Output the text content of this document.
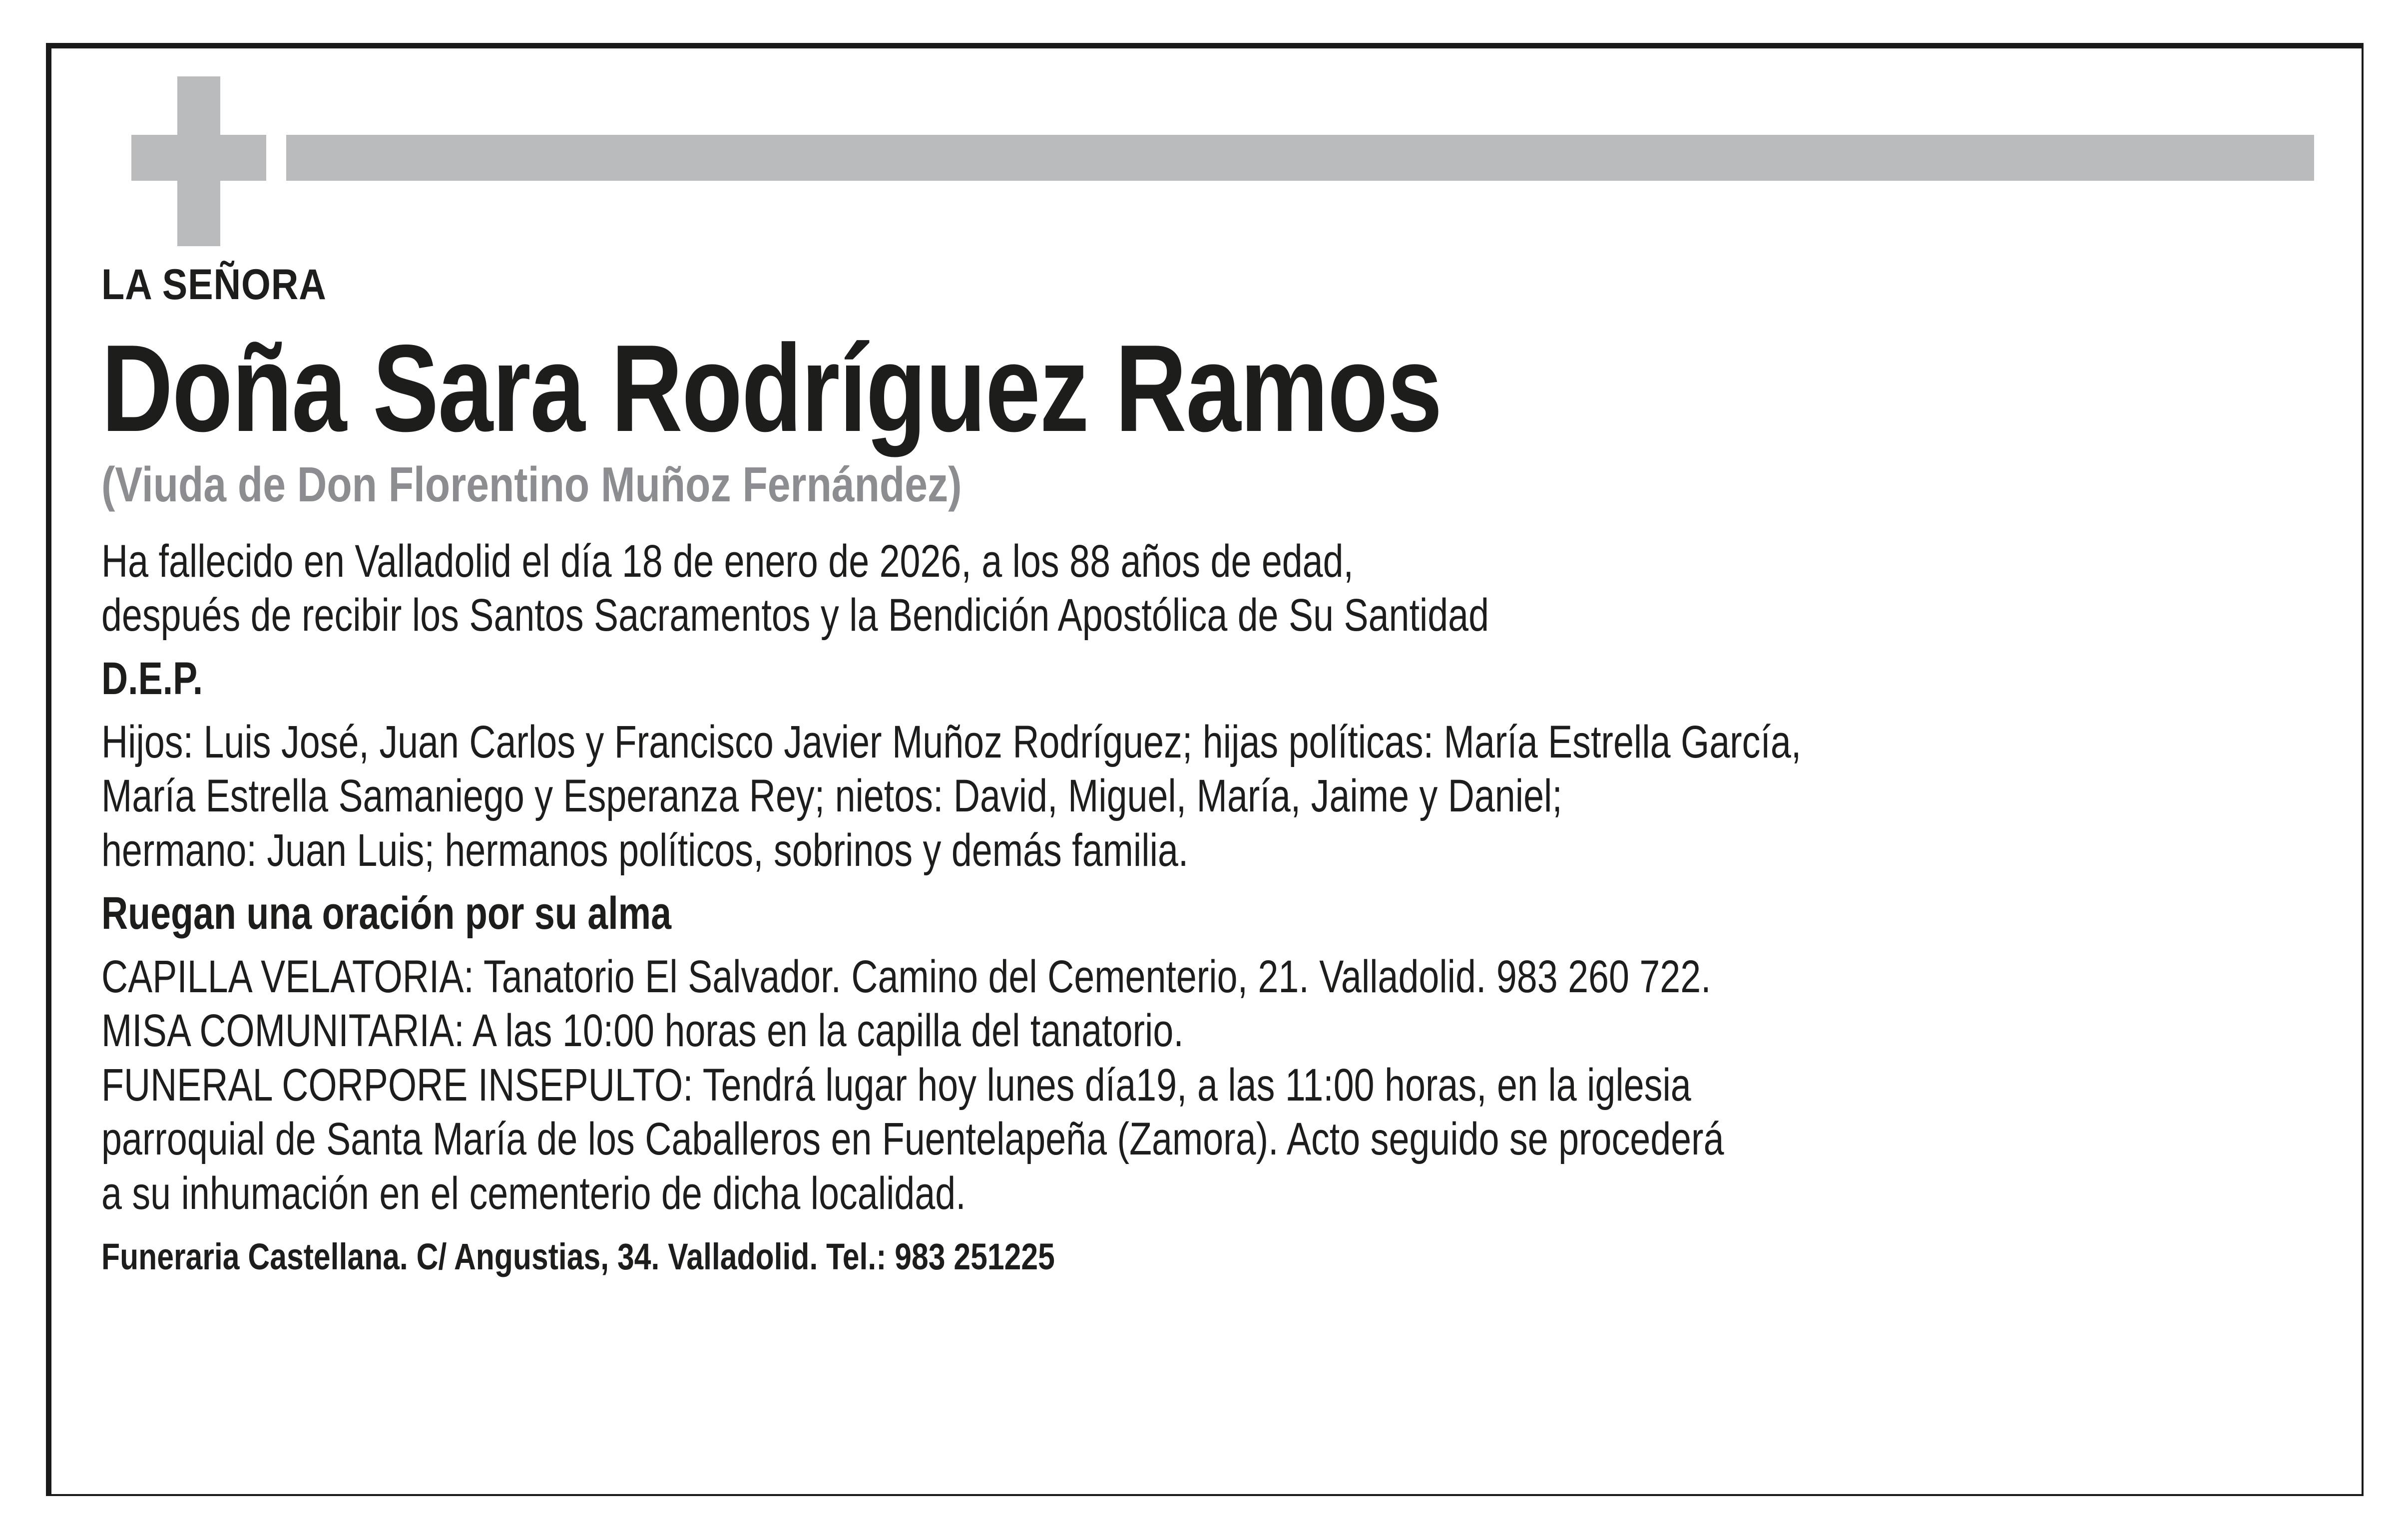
LA SEÑORA

Doña Sara Rodríguez Ramos

(Viuda de Don Florentino Muñoz Fernández)

Ha fallecido en Valladolid el día 18 de enero de 2026, a los 88 años de edad,

después de recibir los Santos Sacramentos y la Bendición Apostólica de Su Santidad

D.E.P.

Hijos: Luis José, Juan Carlos y Francisco Javier Muñoz Rodríguez; hijas políticas: María Estrella García,

María Estrella Samaniego y Esperanza Rey; nietos: David, Miguel, María, Jaime y Daniel;

hermano: Juan Luis; hermanos políticos, sobrinos y demás familia.

Ruegan una oración por su alma

CAPILLA VELATORIA: Tanatorio El Salvador. Camino del Cementerio, 21. Valladolid. 983 260 722.

MISA COMUNITARIA: A las 10:00 horas en la capilla del tanatorio.

FUNERAL CORPORE INSEPULTO: Tendrá lugar hoy lunes día19, a las 11:00 horas, en la iglesia

parroquial de Santa María de los Caballeros en Fuentelapeña (Zamora). Acto seguido se procederá

a su inhumación en el cementerio de dicha localidad.

Funeraria Castellana. C/ Angustias, 34. Valladolid. Tel.: 983 251225
